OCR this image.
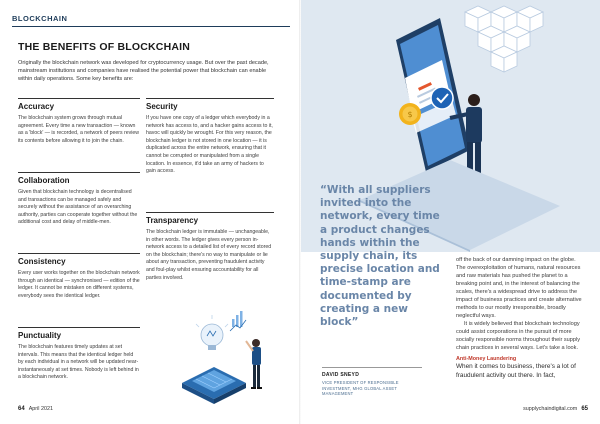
BLOCKCHAIN
THE BENEFITS OF BLOCKCHAIN
Originally the blockchain network was developed for cryptocurrency usage. But over the past decade, mainstream institutions and companies have realised the potential power that blockchain can enable within daily operations. Some key benefits are:
Accuracy
The blockchain system grows through mutual agreement. Every time a new transaction — known as a 'block' — is recorded, a network of peers review its contents before allowing it to join the chain.
Collaboration
Given that blockchain technology is decentralised and transactions can be managed safely and securely without the assistance of an overarching authority, parties can cooperate together without the additional cost and delay of middle-men.
Consistency
Every user works together on the blockchain network through an identical — synchronised — edition of the ledger. It cannot be mistaken on different systems, everybody sees the identical ledger.
Punctuality
The blockchain features timely updates at set intervals. This means that the identical ledger held by each individual in a network will be updated near-instantaneously at set times. Nobody is left behind in a blockchain network.
Security
If you have one copy of a ledger which everybody in a network has access to, and a hacker gains access to it, havoc will quickly be wrought. For this very reason, the blockchain ledger is not stored in one location — it is duplicated across the entire network, ensuring that it cannot be corrupted or manipulated from a single location. In essence, it'd take an army of hackers to gain access.
Transparency
The blockchain ledger is immutable — unchangeable, in other words. The ledger gives every person in-network access to a detailed list of every record stored on the blockchain; there's no way to manipulate or lie about any transaction, preventing fraudulent activity and foul-play whilst ensuring accountability for all parties involved.
64 April 2021
$
“With all suppliers invited into the network, every time a product changes hands within the supply chain, its precise location and time-stamp are documented by creating a new block”
DAVID SNEYD
VICE PRESIDENT OF RESPONSIBLE INVESTMENT, MHG GLOBAL ASSET MANAGEMENT
off the back of our damning impact on the globe. The overexploitation of humans, natural resources and raw materials has pushed the planet to a breaking point and, in the interest of balancing the scales, there's a widespread drive to address the impact of business practices and create alternative methods to our mostly irresponsible, broadly neglectful ways.
It is widely believed that blockchain technology could assist corporations in the pursuit of more socially responsible norms throughout their supply chain practices in several ways. Let's take a look.
Anti-Money Laundering
When it comes to business, there's a lot of fraudulent activity out there. In fact,
supplychaindigital.com 65
